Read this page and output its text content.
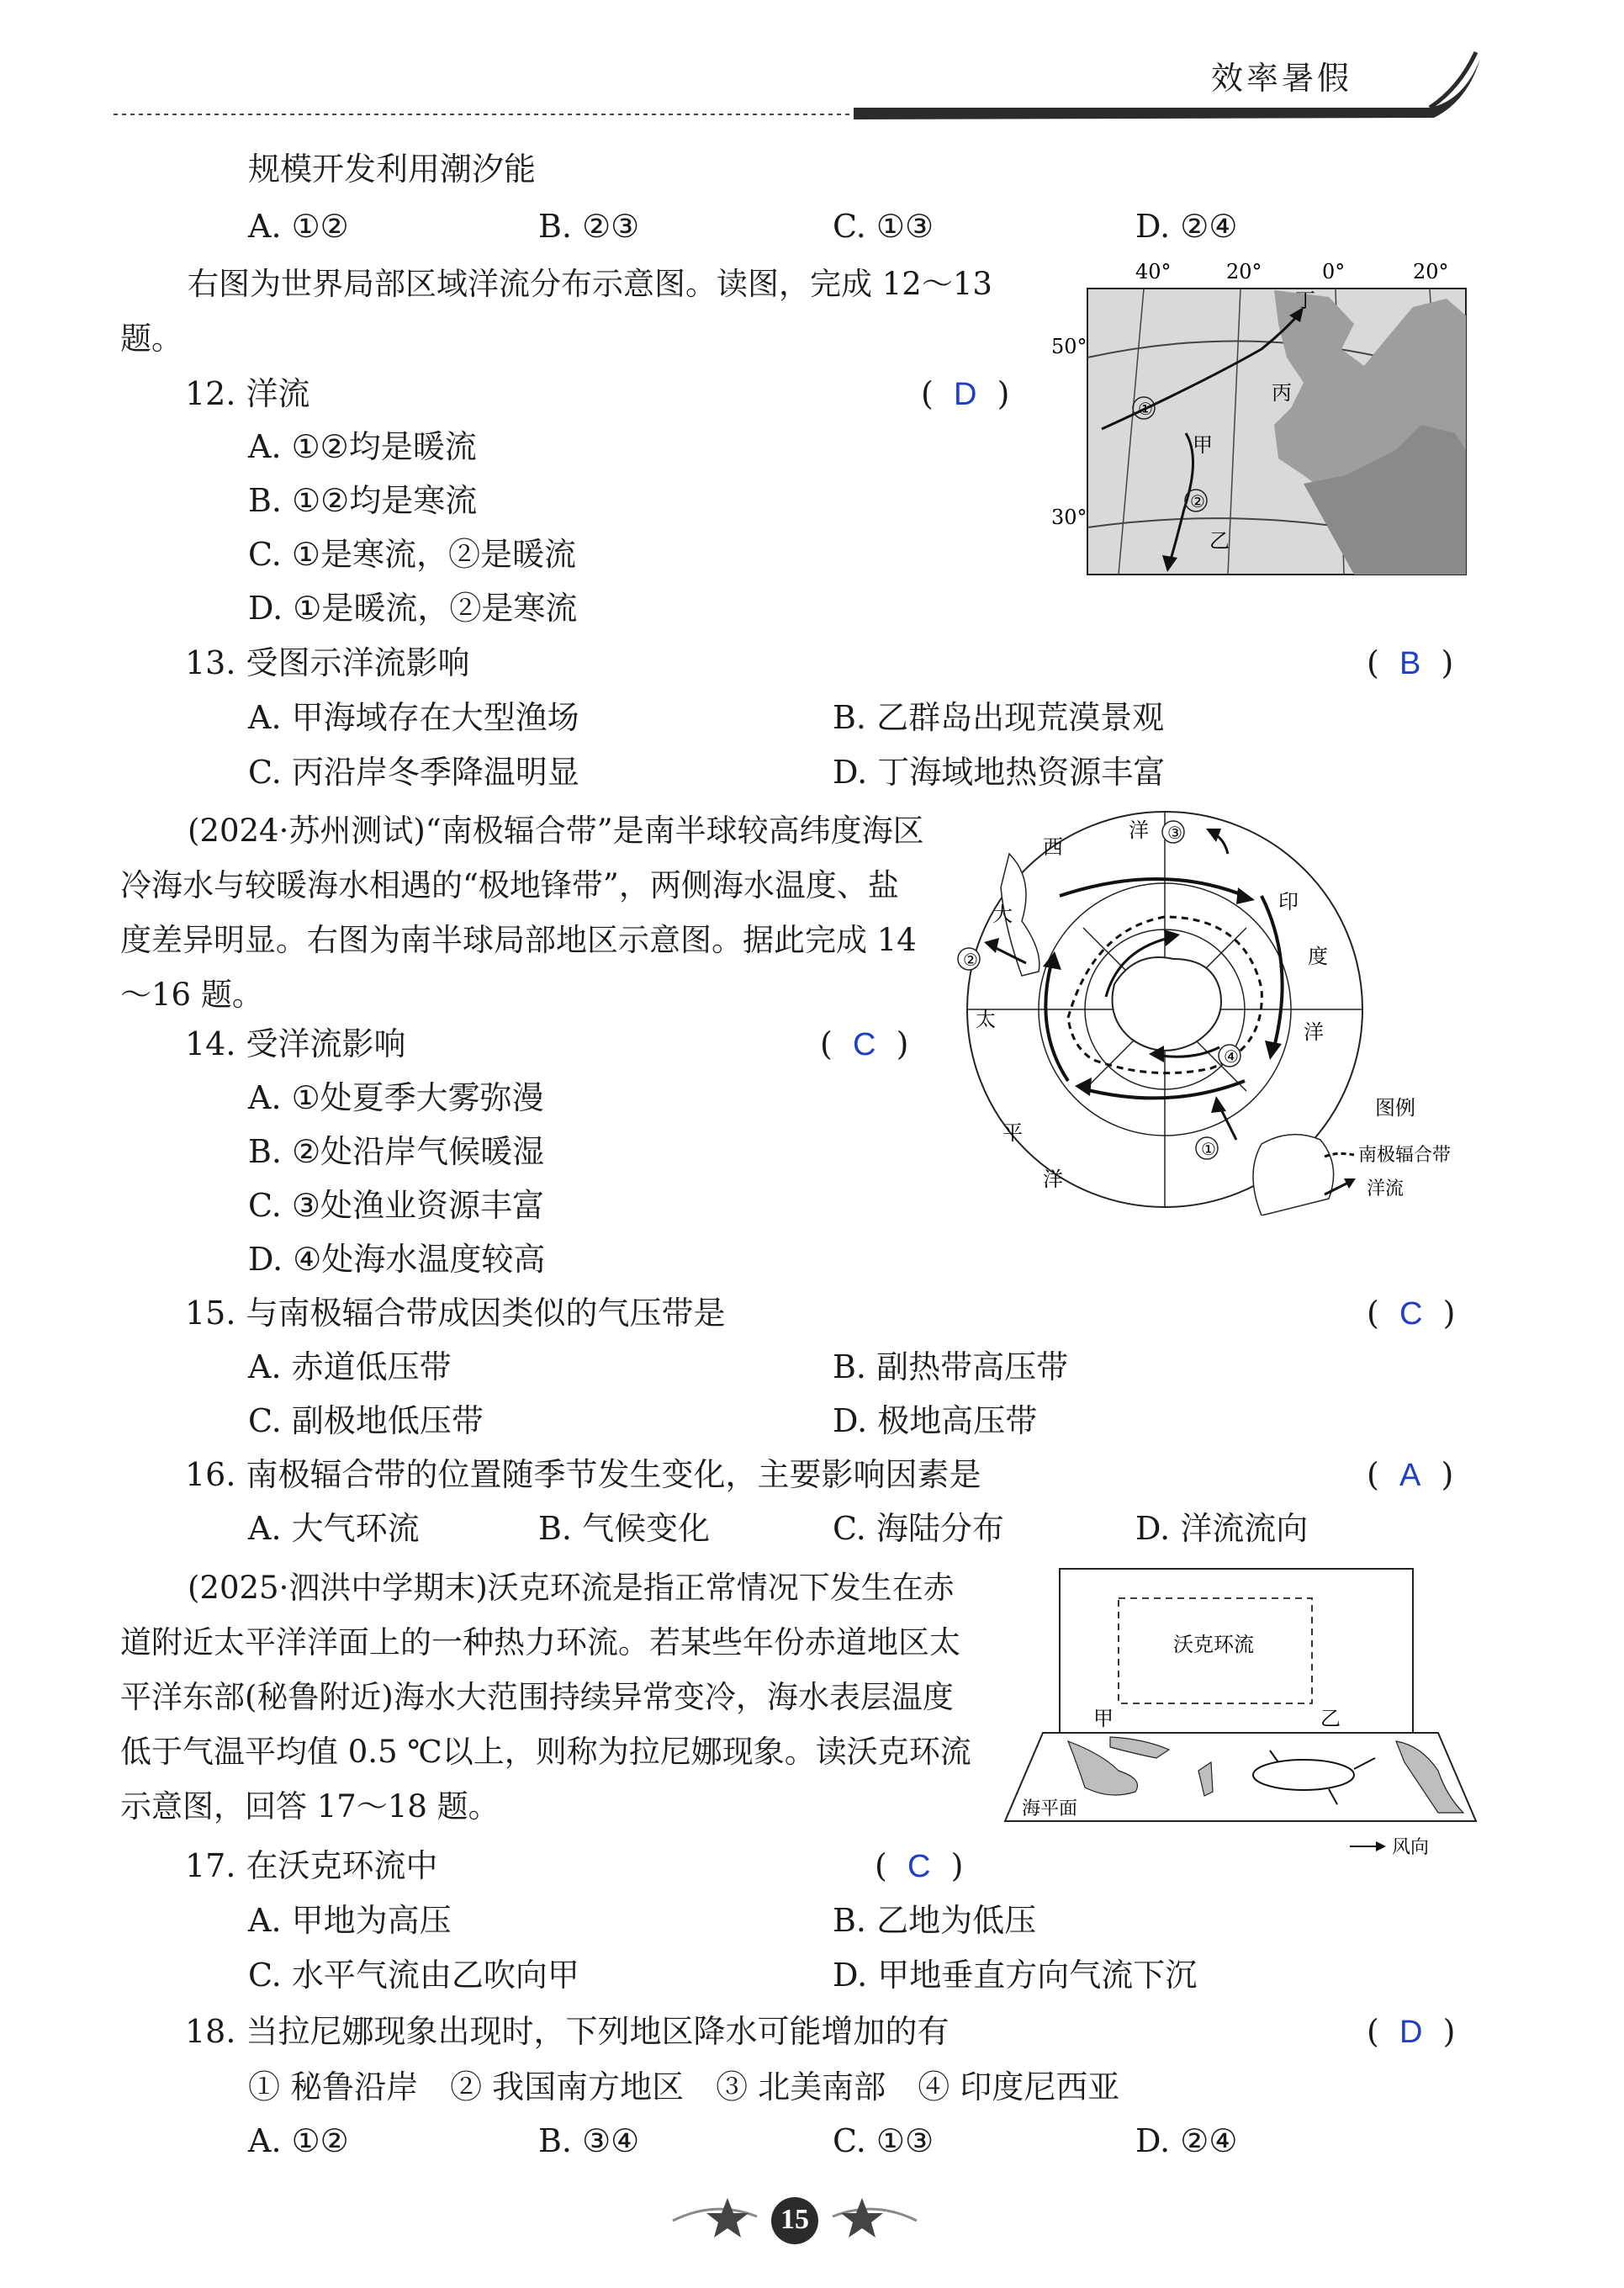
效率暑假
规模开发利用潮汐能
A. ①②	B. ②③	C. ①③	D. ②④
右图为世界局部区域洋流分布示意图。读图，完成 12～13 题。
12. 洋流	(  D  )
A. ①②均是暖流
B. ①②均是寒流
C. ①是寒流，②是暖流
D. ①是暖流，②是寒流
40°	20°	0°	20°
50°
30°
①
②
丁
丙
甲
乙
13. 受图示洋流影响	(  B  )
A. 甲海域存在大型渔场	B. 乙群岛出现荒漠景观
C. 丙沿岸冬季降温明显	D. 丁海域地热资源丰富
(2024·苏州测试)“南极辐合带”是南半球较高纬度海区冷海水与较暖海水相遇的“极地锋带”，两侧海水温度、盐度差异明显。右图为南半球局部地区示意图。据此完成 14～16 题。
西
洋
大
印
度
太
洋
平
洋
①
②
③
④
图例
南极辐合带
洋流
14. 受洋流影响	(  C  )
A. ①处夏季大雾弥漫
B. ②处沿岸气候暖湿
C. ③处渔业资源丰富
D. ④处海水温度较高
15. 与南极辐合带成因类似的气压带是	(  C  )
A. 赤道低压带	B. 副热带高压带
C. 副极地低压带	D. 极地高压带
16. 南极辐合带的位置随季节发生变化，主要影响因素是	(  A  )
A. 大气环流	B. 气候变化	C. 海陆分布	D. 洋流流向
(2025·泗洪中学期末)沃克环流是指正常情况下发生在赤道附近太平洋洋面上的一种热力环流。若某些年份赤道地区太平洋东部(秘鲁附近)海水大范围持续异常变冷，海水表层温度低于气温平均值 0.5 ℃以上，则称为拉尼娜现象。读沃克环流示意图，回答 17～18 题。
沃克环流
甲	乙
海平面
风向
17. 在沃克环流中	(  C  )
A. 甲地为高压	B. 乙地为低压
C. 水平气流由乙吹向甲	D. 甲地垂直方向气流下沉
18. 当拉尼娜现象出现时，下列地区降水可能增加的有	(  D  )
① 秘鲁沿岸　② 我国南方地区　③ 北美南部　④ 印度尼西亚
A. ①②	B. ③④	C. ①③	D. ②④
15
